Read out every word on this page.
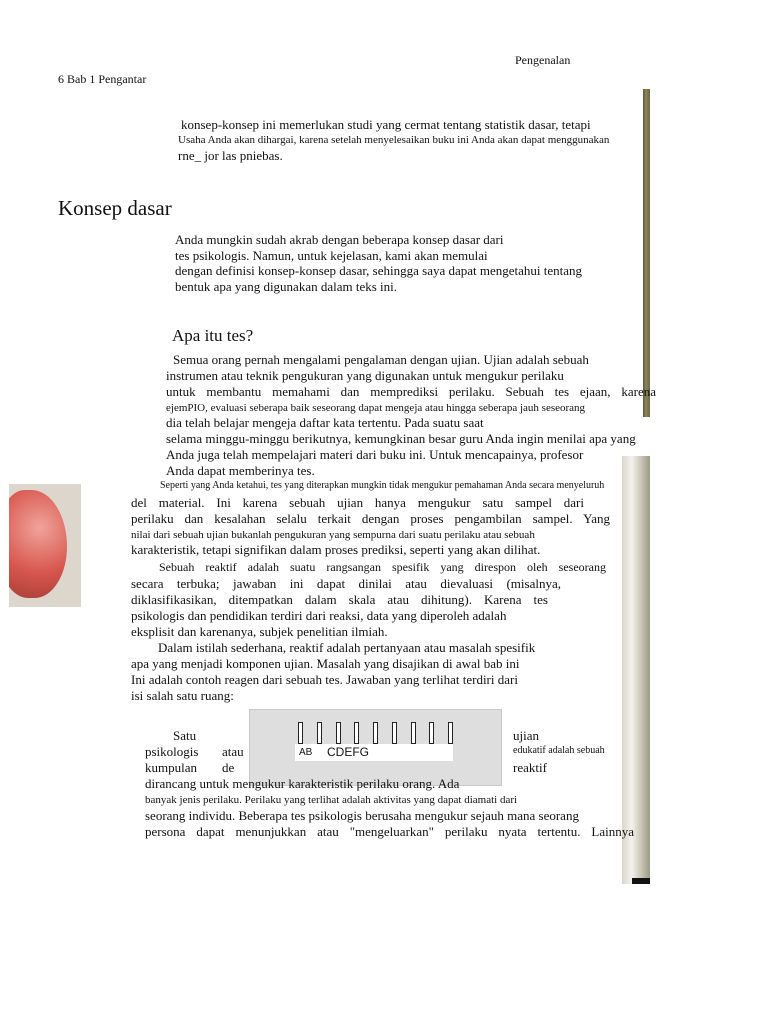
Pengenalan
6 Bab 1 Pengantar
konsep-konsep ini memerlukan studi yang cermat tentang statistik dasar, tetapi
Usaha Anda akan dihargai, karena setelah menyelesaikan buku ini Anda akan dapat menggunakan
rne_ jor las pniebas.
Konsep dasar
Anda mungkin sudah akrab dengan beberapa konsep dasar dari
tes psikologis. Namun, untuk kejelasan, kami akan memulai
dengan definisi konsep-konsep dasar, sehingga saya dapat mengetahui tentang
bentuk apa yang digunakan dalam teks ini.
Apa itu tes?
Semua orang pernah mengalami pengalaman dengan ujian. Ujian adalah sebuah
instrumen atau teknik pengukuran yang digunakan untuk mengukur perilaku
untuk membantu memahami dan memprediksi perilaku. Sebuah tes ejaan, karena
ejemPIO, evaluasi seberapa baik seseorang dapat mengeja atau hingga seberapa jauh seseorang
dia telah belajar mengeja daftar kata tertentu. Pada suatu saat
selama minggu-minggu berikutnya, kemungkinan besar guru Anda ingin menilai apa yang
Anda juga telah mempelajari materi dari buku ini. Untuk mencapainya, profesor
Anda dapat memberinya tes.
Seperti yang Anda ketahui, tes yang diterapkan mungkin tidak mengukur pemahaman Anda secara menyeluruh
del material. Ini karena sebuah ujian hanya mengukur satu sampel dari
perilaku dan kesalahan selalu terkait dengan proses pengambilan sampel. Yang
nilai dari sebuah ujian bukanlah pengukuran yang sempurna dari suatu perilaku atau sebuah
karakteristik, tetapi signifikan dalam proses prediksi, seperti yang akan dilihat.
Sebuah reaktif adalah suatu rangsangan spesifik yang direspon oleh seseorang
secara terbuka; jawaban ini dapat dinilai atau dievaluasi (misalnya,
diklasifikasikan, ditempatkan dalam skala atau dihitung). Karena tes
psikologis dan pendidikan terdiri dari reaksi, data yang diperoleh adalah
eksplisit dan karenanya, subjek penelitian ilmiah.
Dalam istilah sederhana, reaktif adalah pertanyaan atau masalah spesifik
apa yang menjadi komponen ujian. Masalah yang disajikan di awal bab ini
Ini adalah contoh reagen dari sebuah tes. Jawaban yang terlihat terdiri dari
isi salah satu ruang:
Satu
psikologis atau
kumpulan de
ujian
edukatif adalah sebuah
reaktif
AB CDEFG
dirancang untuk mengukur karakteristik perilaku orang. Ada
banyak jenis perilaku. Perilaku yang terlihat adalah aktivitas yang dapat diamati dari
seorang individu. Beberapa tes psikologis berusaha mengukur sejauh mana seorang
persona dapat menunjukkan atau "mengeluarkan" perilaku nyata tertentu. Lainnya
